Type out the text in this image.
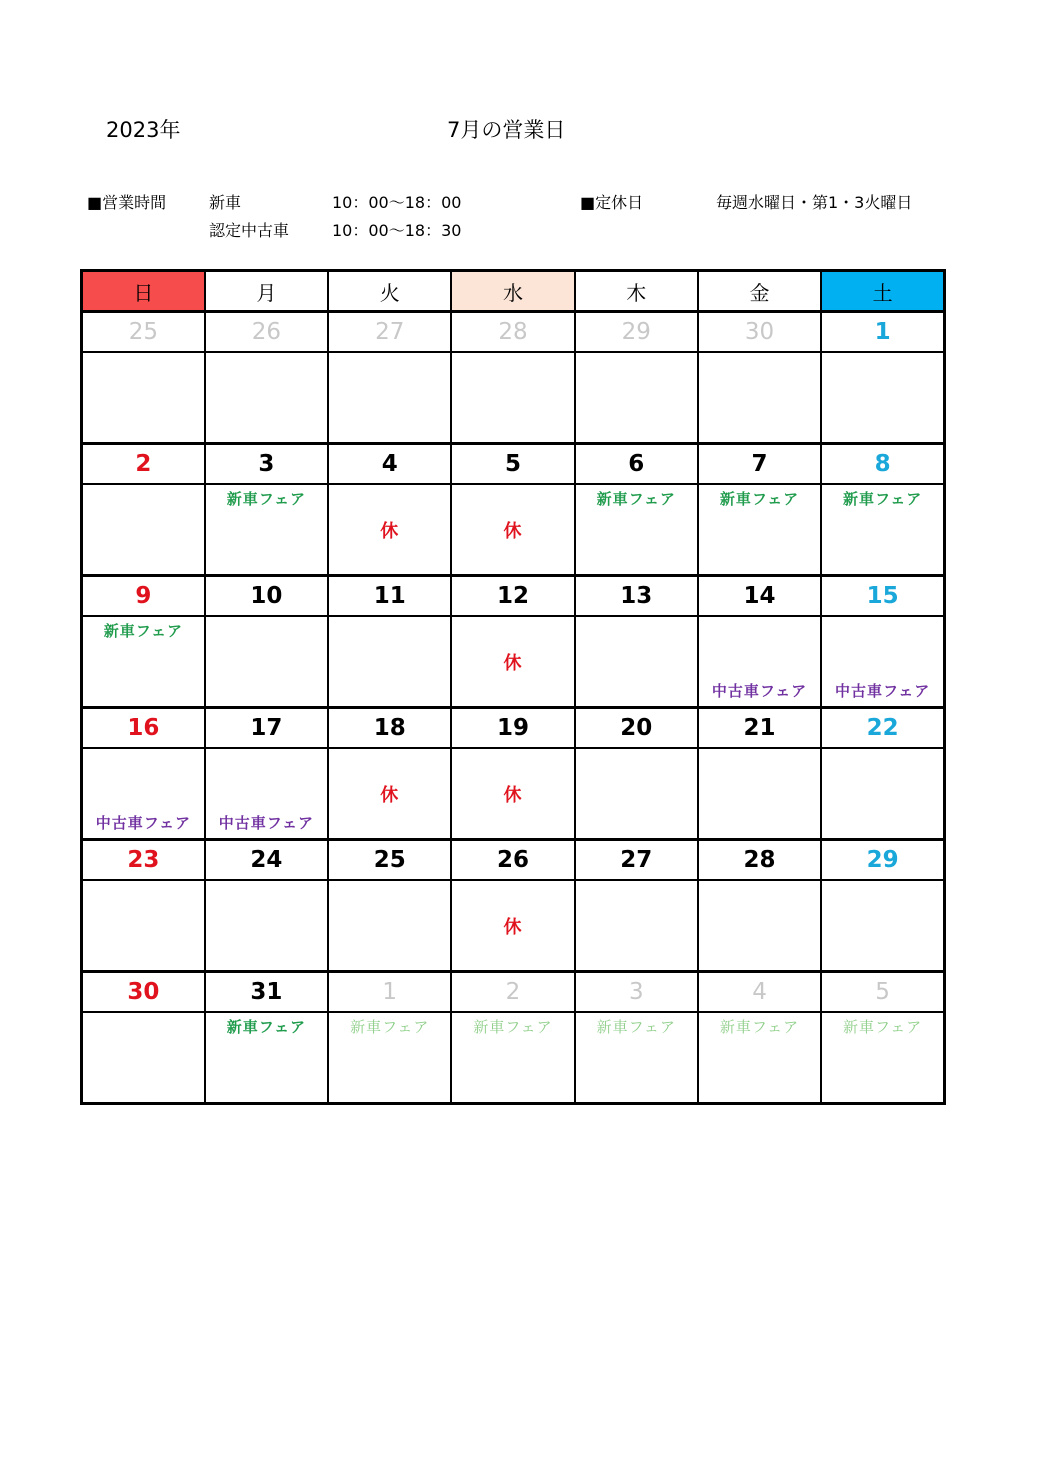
2023年	7月の営業日
■営業時間	新車	10：00〜18：00	■定休日	毎週水曜日・第1・3火曜日
認定中古車	10：00〜18：30
日	月	火	水	木	金	土
25	26	27	28	29	30	1

2	3	4	5	6	7	8

	新車フェア	休	休	新車フェア	新車フェア	新車フェア

9	10	11	12	13	14	15

新車フェア			休		中古車フェア	中古車フェア

16	17	18	19	20	21	22

中古車フェア	中古車フェア	休	休			

23	24	25	26	27	28	29

			休			

30	31	1	2	3	4	5

	新車フェア	新車フェア	新車フェア	新車フェア	新車フェア	新車フェア
